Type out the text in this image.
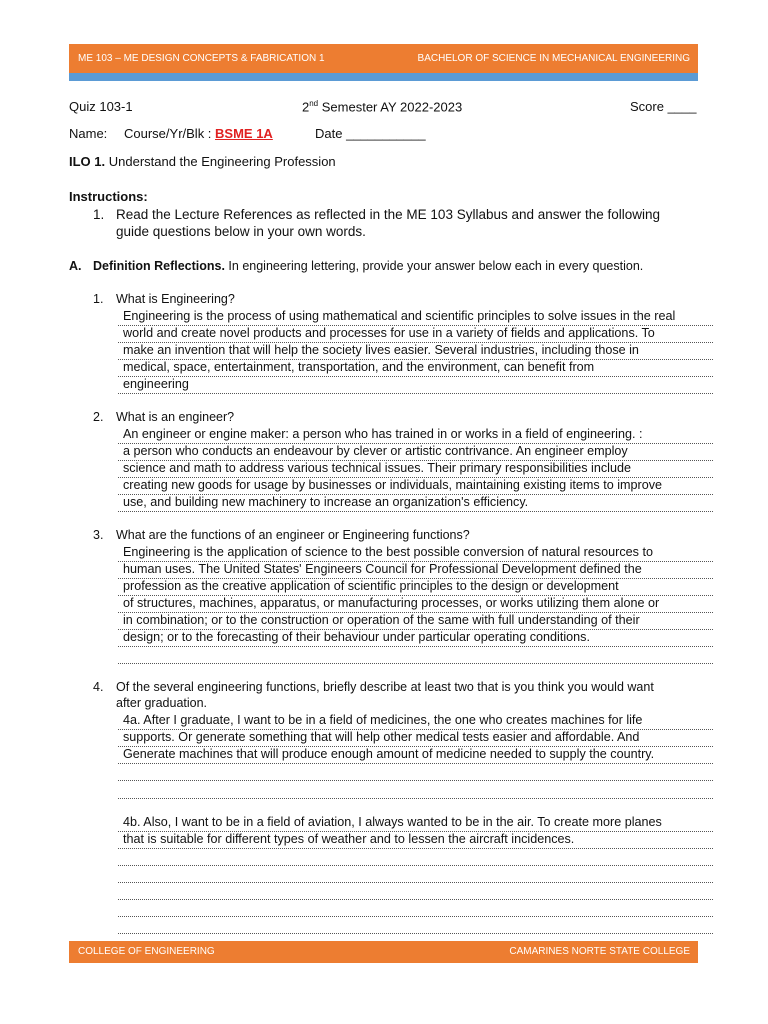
ME 103 – ME DESIGN CONCEPTS & FABRICATION 1	BACHELOR OF SCIENCE IN MECHANICAL ENGINEERING
Quiz 103-1	2nd Semester AY 2022-2023	Score ____
Name: Course/Yr/Blk : BSME 1A	Date ___________
ILO 1. Understand the Engineering Profession
Instructions:
1. Read the Lecture References as reflected in the ME 103 Syllabus and answer the following
guide questions below in your own words.
A. Definition Reflections. In engineering lettering, provide your answer below each in every question.
1. What is Engineering?
Engineering is the process of using mathematical and scientific principles to solve issues in the real
world and create novel products and processes for use in a variety of fields and applications. To
make an invention that will help the society lives easier. Several industries, including those in
medical, space, entertainment, transportation, and the environment, can benefit from
engineering
2. What is an engineer?
An engineer or engine maker: a person who has trained in or works in a field of engineering. :
a person who conducts an endeavour by clever or artistic contrivance. An engineer employ
science and math to address various technical issues. Their primary responsibilities include
creating new goods for usage by businesses or individuals, maintaining existing items to improve
use, and building new machinery to increase an organization's efficiency.
3. What are the functions of an engineer or Engineering functions?
Engineering is the application of science to the best possible conversion of natural resources to
human uses. The United States' Engineers Council for Professional Development defined the
profession as the creative application of scientific principles to the design or development
of structures, machines, apparatus, or manufacturing processes, or works utilizing them alone or
in combination; or to the construction or operation of the same with full understanding of their
design; or to the forecasting of their behaviour under particular operating conditions.
4. Of the several engineering functions, briefly describe at least two that is you think you would want
after graduation.
4a. After I graduate, I want to be in a field of medicines, the one who creates machines for life
supports. Or generate something that will help other medical tests easier and affordable. And
Generate machines that will produce enough amount of medicine needed to supply the country.
4b. Also, I want to be in a field of aviation, I always wanted to be in the air. To create more planes
that is suitable for different types of weather and to lessen the aircraft incidences.
COLLEGE OF ENGINEERING	CAMARINES NORTE STATE COLLEGE
